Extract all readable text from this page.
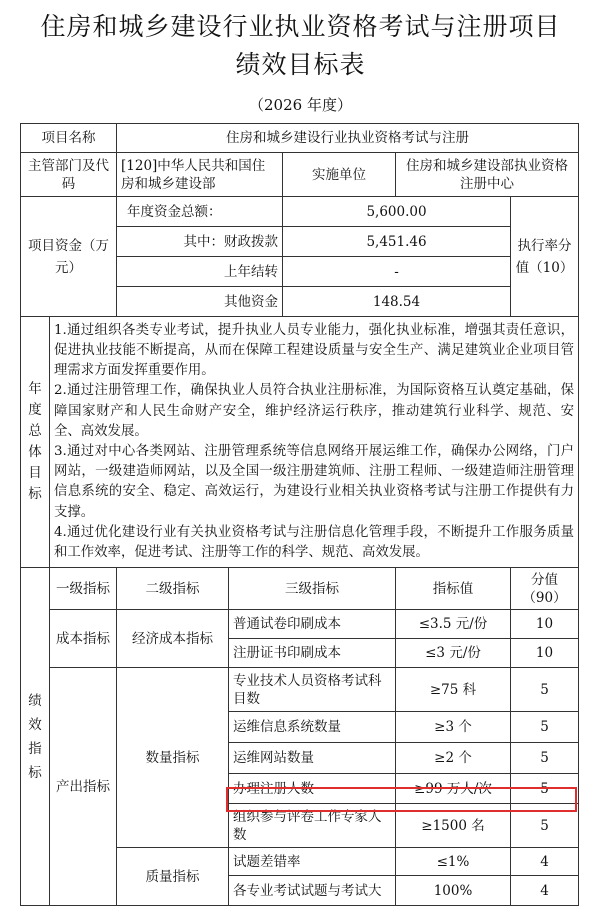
住房和城乡建设行业执业资格考试与注册项目
绩效目标表
（2026 年度）
项目名称		住房和城乡建设行业执业资格考试与注册				
主管部门及代码		[120]中华人民共和国住房和城乡建设部		实施单位	住房和城乡建设部执业资格注册中心	
项目资金（万元）		年度资金总额：		5,600.00		执行率分值（10）
		其中：财政拨款		5,451.46		
		上年结转		-		
		其他资金		148.54		

年度总体目标	1.通过组织各类专业考试，提升执业人员专业能力，强化执业标准，增强其责任意识，促进执业技能不断提高，从而在保障工程建设质量与安全生产、满足建筑业企业项目管理需求方面发挥重要作用。
2.通过注册管理工作，确保执业人员符合执业注册标准，为国际资格互认奠定基础，保障国家财产和人民生命财产安全，维护经济运行秩序，推动建筑行业科学、规范、安全、高效发展。
3.通过对中心各类网站、注册管理系统等信息网络开展运维工作，确保办公网络，门户网站，一级建造师网站，以及全国一级注册建筑师、注册工程师、一级建造师注册管理信息系统的安全、稳定、高效运行，为建设行业相关执业资格考试与注册工作提供有力支撑。
4.通过优化建设行业有关执业资格考试与注册信息化管理手段，不断提升工作服务质量和工作效率，促进考试、注册等工作的科学、规范、高效发展。					

绩效指标	一级指标	二级指标	三级指标		指标值	分值（90）
	成本指标	经济成本指标	普通试卷印刷成本		≤3.5 元/份	10
			注册证书印刷成本		≤3 元/份	10
	产出指标	数量指标	专业技术人员资格考试科目数		≥75 科	5
			运维信息系统数量		≥3 个	5
			运维网站数量		≥2 个	5
			办理注册人数		≥99 万人/次	5
			组织参与评卷工作专家人数		≥1500 名	5
		质量指标	试题差错率		≤1%	4
			各专业考试试题与考试大		100%	4
